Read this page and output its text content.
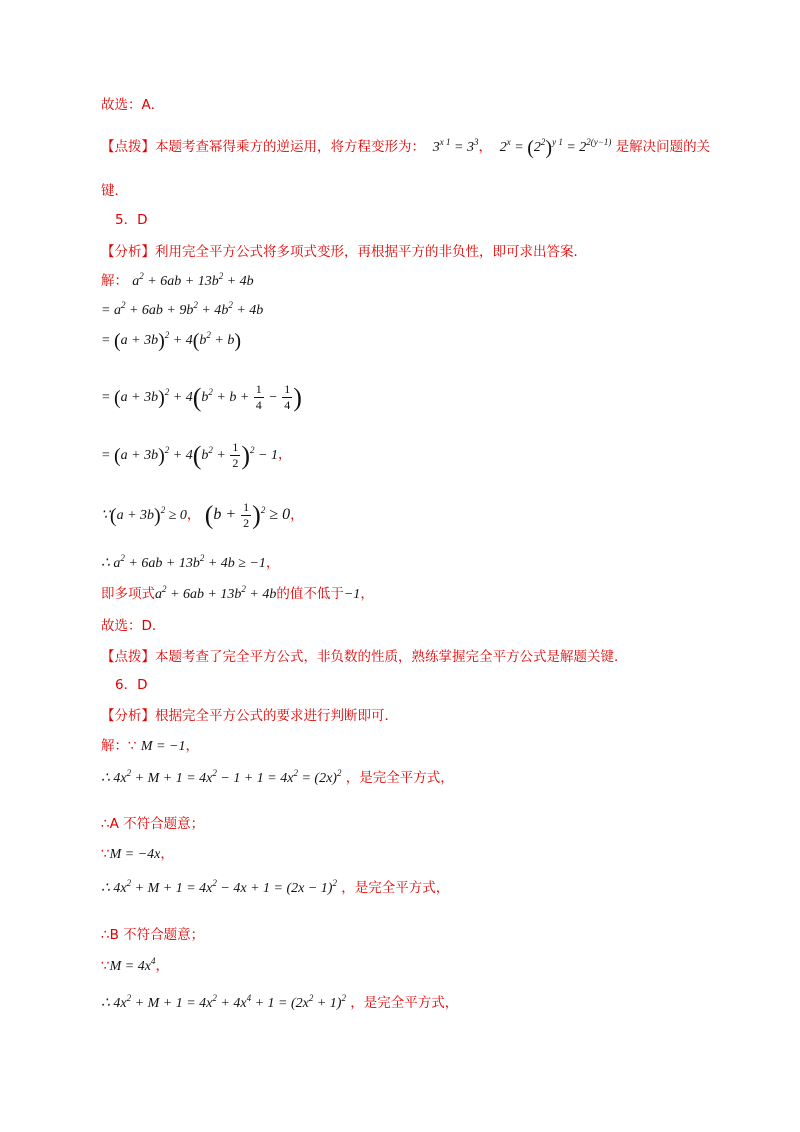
故选：A．
【点拨】本题考查幂得乘方的逆运用，将方程变形为：  $3^{x 1} = 3^3$，  $2^x = (2^2)^{y 1} = 2^{2(y-1)}$ 是解决问题的关
键．
5．D
【分析】利用完全平方公式将多项式变形，再根据平方的非负性，即可求出答案．
解： $a^2 + 6ab + 13b^2 + 4b$
= $a^2 + 6ab + 9b^2 + 4b^2 + 4b$
= $(a + 3b)^2 + 4(b^2 + b)$
= $(a + 3b)^2 + 4(b^2 + b + \frac{1}{4} - \frac{1}{4}$ )
= $(a + 3b)^2 + 4(b^2 + \frac{1}{2} )^2 - 1$，
∵(a + 3b)$^2$ ≥ 0， $(b + \frac{1}{2} )^2 \ge 0$，
∴ $a^2 + 6ab + 13b^2 + 4b \ge -1$，
即多项式$a^2 + 6ab + 13b^2 + 4b$的值不低于−1，
故选：D．
【点拨】本题考查了完全平方公式，非负数的性质，熟练掌握完全平方公式是解题关键．
6．D
【分析】根据完全平方公式的要求进行判断即可．
解：∵ M = −1，
∴ $4x^2 + M + 1 = 4x^2 - 1 + 1 = 4x^2 = (2x)^2$ ，是完全平方式，
∴A 不符合题意；
∵M = −4x，
∴ $4x^2 + M + 1 = 4x^2 - 4x + 1 = (2x - 1)^2$ ，是完全平方式，
∴B 不符合题意；
∵M = $4x^4$，
∴ $4x^2 + M + 1 = 4x^2 + 4x^4 + 1 = (2x^2 + 1)^2$ ，是完全平方式，
